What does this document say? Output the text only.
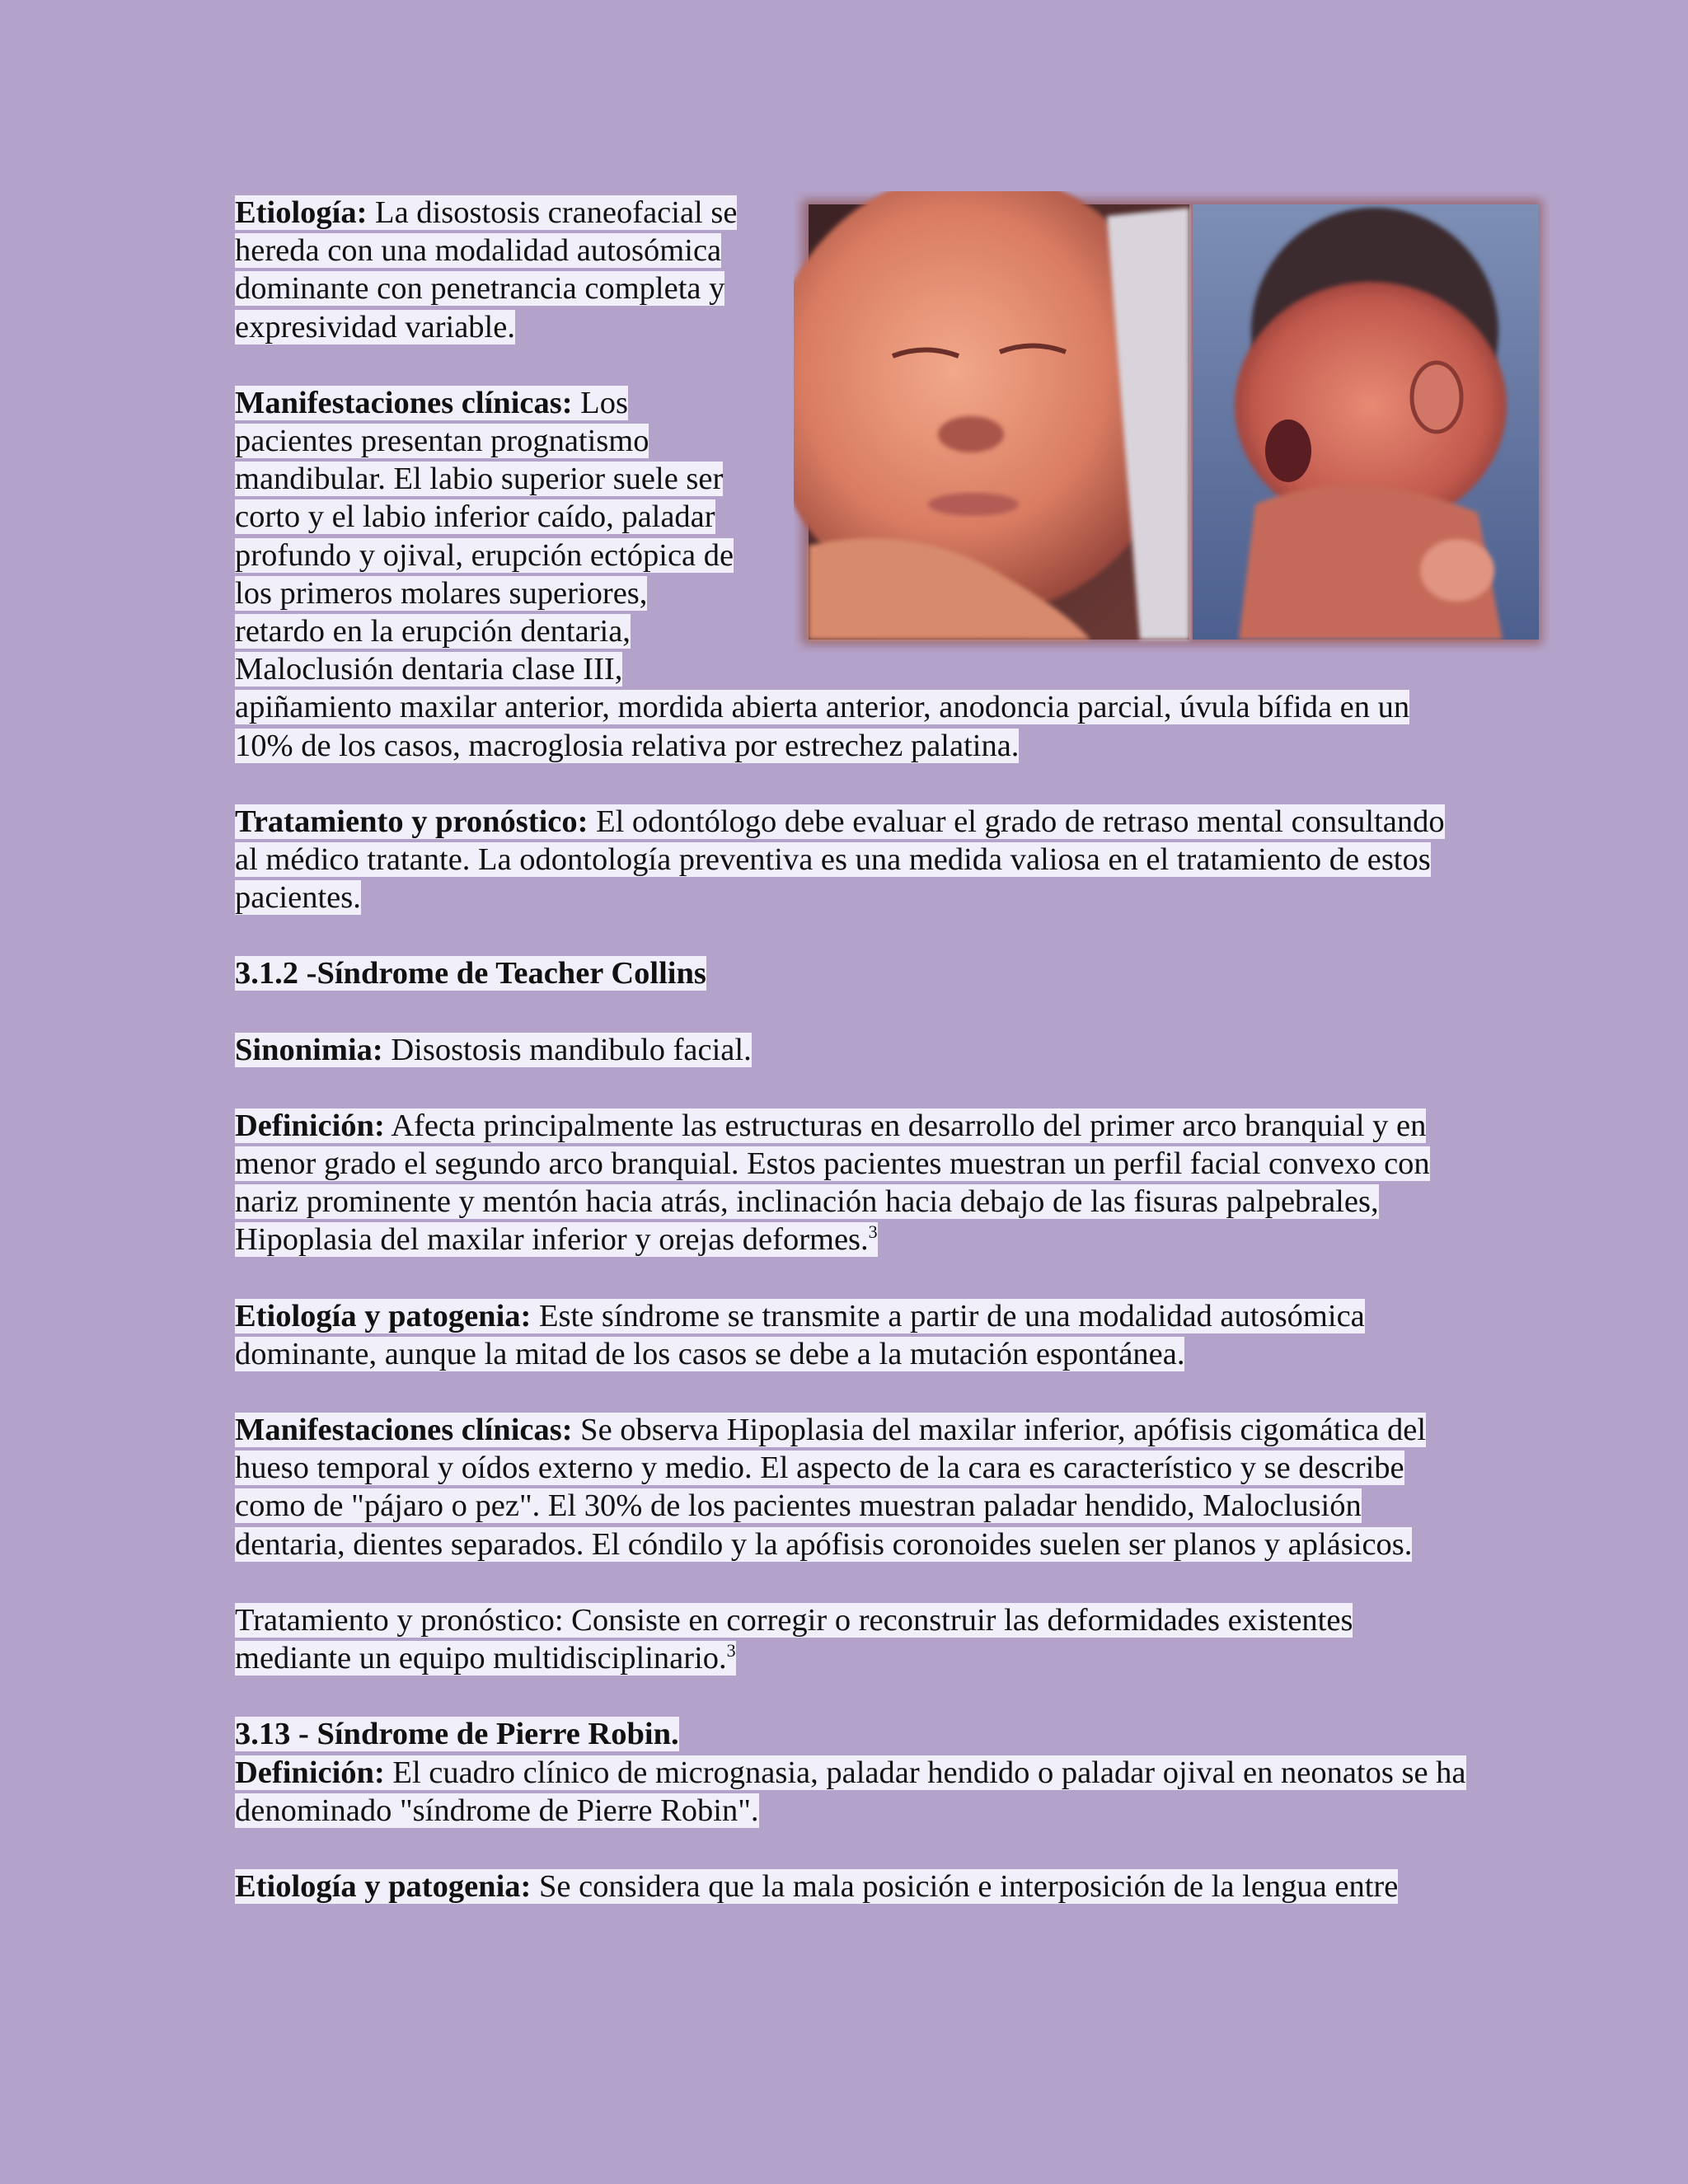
Etiología: La disostosis craneofacial se hereda con una modalidad autosómica dominante con penetrancia completa y expresividad variable.
Manifestaciones clínicas: Los pacientes presentan prognatismo mandibular. El labio superior suele ser corto y el labio inferior caído, paladar profundo y ojival, erupción ectópica de los primeros molares superiores, retardo en la erupción dentaria, Maloclusión dentaria clase III, apiñamiento maxilar anterior, mordida abierta anterior, anodoncia parcial, úvula bífida en un 10% de los casos, macroglosia relativa por estrechez palatina.
Tratamiento y pronóstico: El odontólogo debe evaluar el grado de retraso mental consultando al médico tratante. La odontología preventiva es una medida valiosa en el tratamiento de estos pacientes.
3.1.2 -Síndrome de Teacher Collins
Sinonimia: Disostosis mandibulo facial.
Definición: Afecta principalmente las estructuras en desarrollo del primer arco branquial y en menor grado el segundo arco branquial. Estos pacientes muestran un perfil facial convexo con nariz prominente y mentón hacia atrás, inclinación hacia debajo de las fisuras palpebrales, Hipoplasia del maxilar inferior y orejas deformes.$^3$
Etiología y patogenia: Este síndrome se transmite a partir de una modalidad autosómica dominante, aunque la mitad de los casos se debe a la mutación espontánea.
Manifestaciones clínicas: Se observa Hipoplasia del maxilar inferior, apófisis cigomática del hueso temporal y oídos externo y medio. El aspecto de la cara es característico y se describe como de "pájaro o pez". El 30% de los pacientes muestran paladar hendido, Maloclusión dentaria, dientes separados. El cóndilo y la apófisis coronoides suelen ser planos y aplásicos.
Tratamiento y pronóstico: Consiste en corregir o reconstruir las deformidades existentes mediante un equipo multidisciplinario.$^3$
3.13 - Síndrome de Pierre Robin.
Definición: El cuadro clínico de micrognasia, paladar hendido o paladar ojival en neonatos se ha denominado "síndrome de Pierre Robin".
Etiología y patogenia: Se considera que la mala posición e interposición de la lengua entre
